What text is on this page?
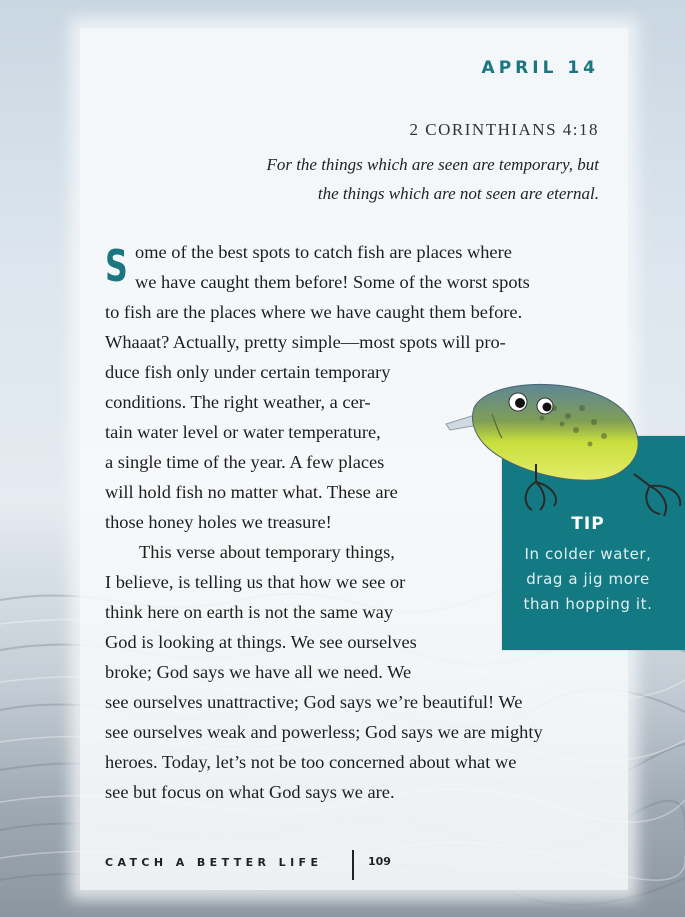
APRIL 14
2 CORINTHIANS 4:18
For the things which are seen are temporary, but
the things which are not seen are eternal.
S ome of the best spots to catch fish are places where
we have caught them before! Some of the worst spots
to fish are the places where we have caught them before.
Whaaat? Actually, pretty simple—most spots will pro-
duce fish only under certain temporary
conditions. The right weather, a cer-
tain water level or water temperature,
a single time of the year. A few places
will hold fish no matter what. These are
those honey holes we treasure!
This verse about temporary things,
I believe, is telling us that how we see or
think here on earth is not the same way
God is looking at things. We see ourselves
broke; God says we have all we need. We
see ourselves unattractive; God says we’re beautiful! We
see ourselves weak and powerless; God says we are mighty
heroes. Today, let’s not be too concerned about what we
see but focus on what God says we are.
TIP
In colder water,
drag a jig more
than hopping it.
CATCH A BETTER LIFE	109
